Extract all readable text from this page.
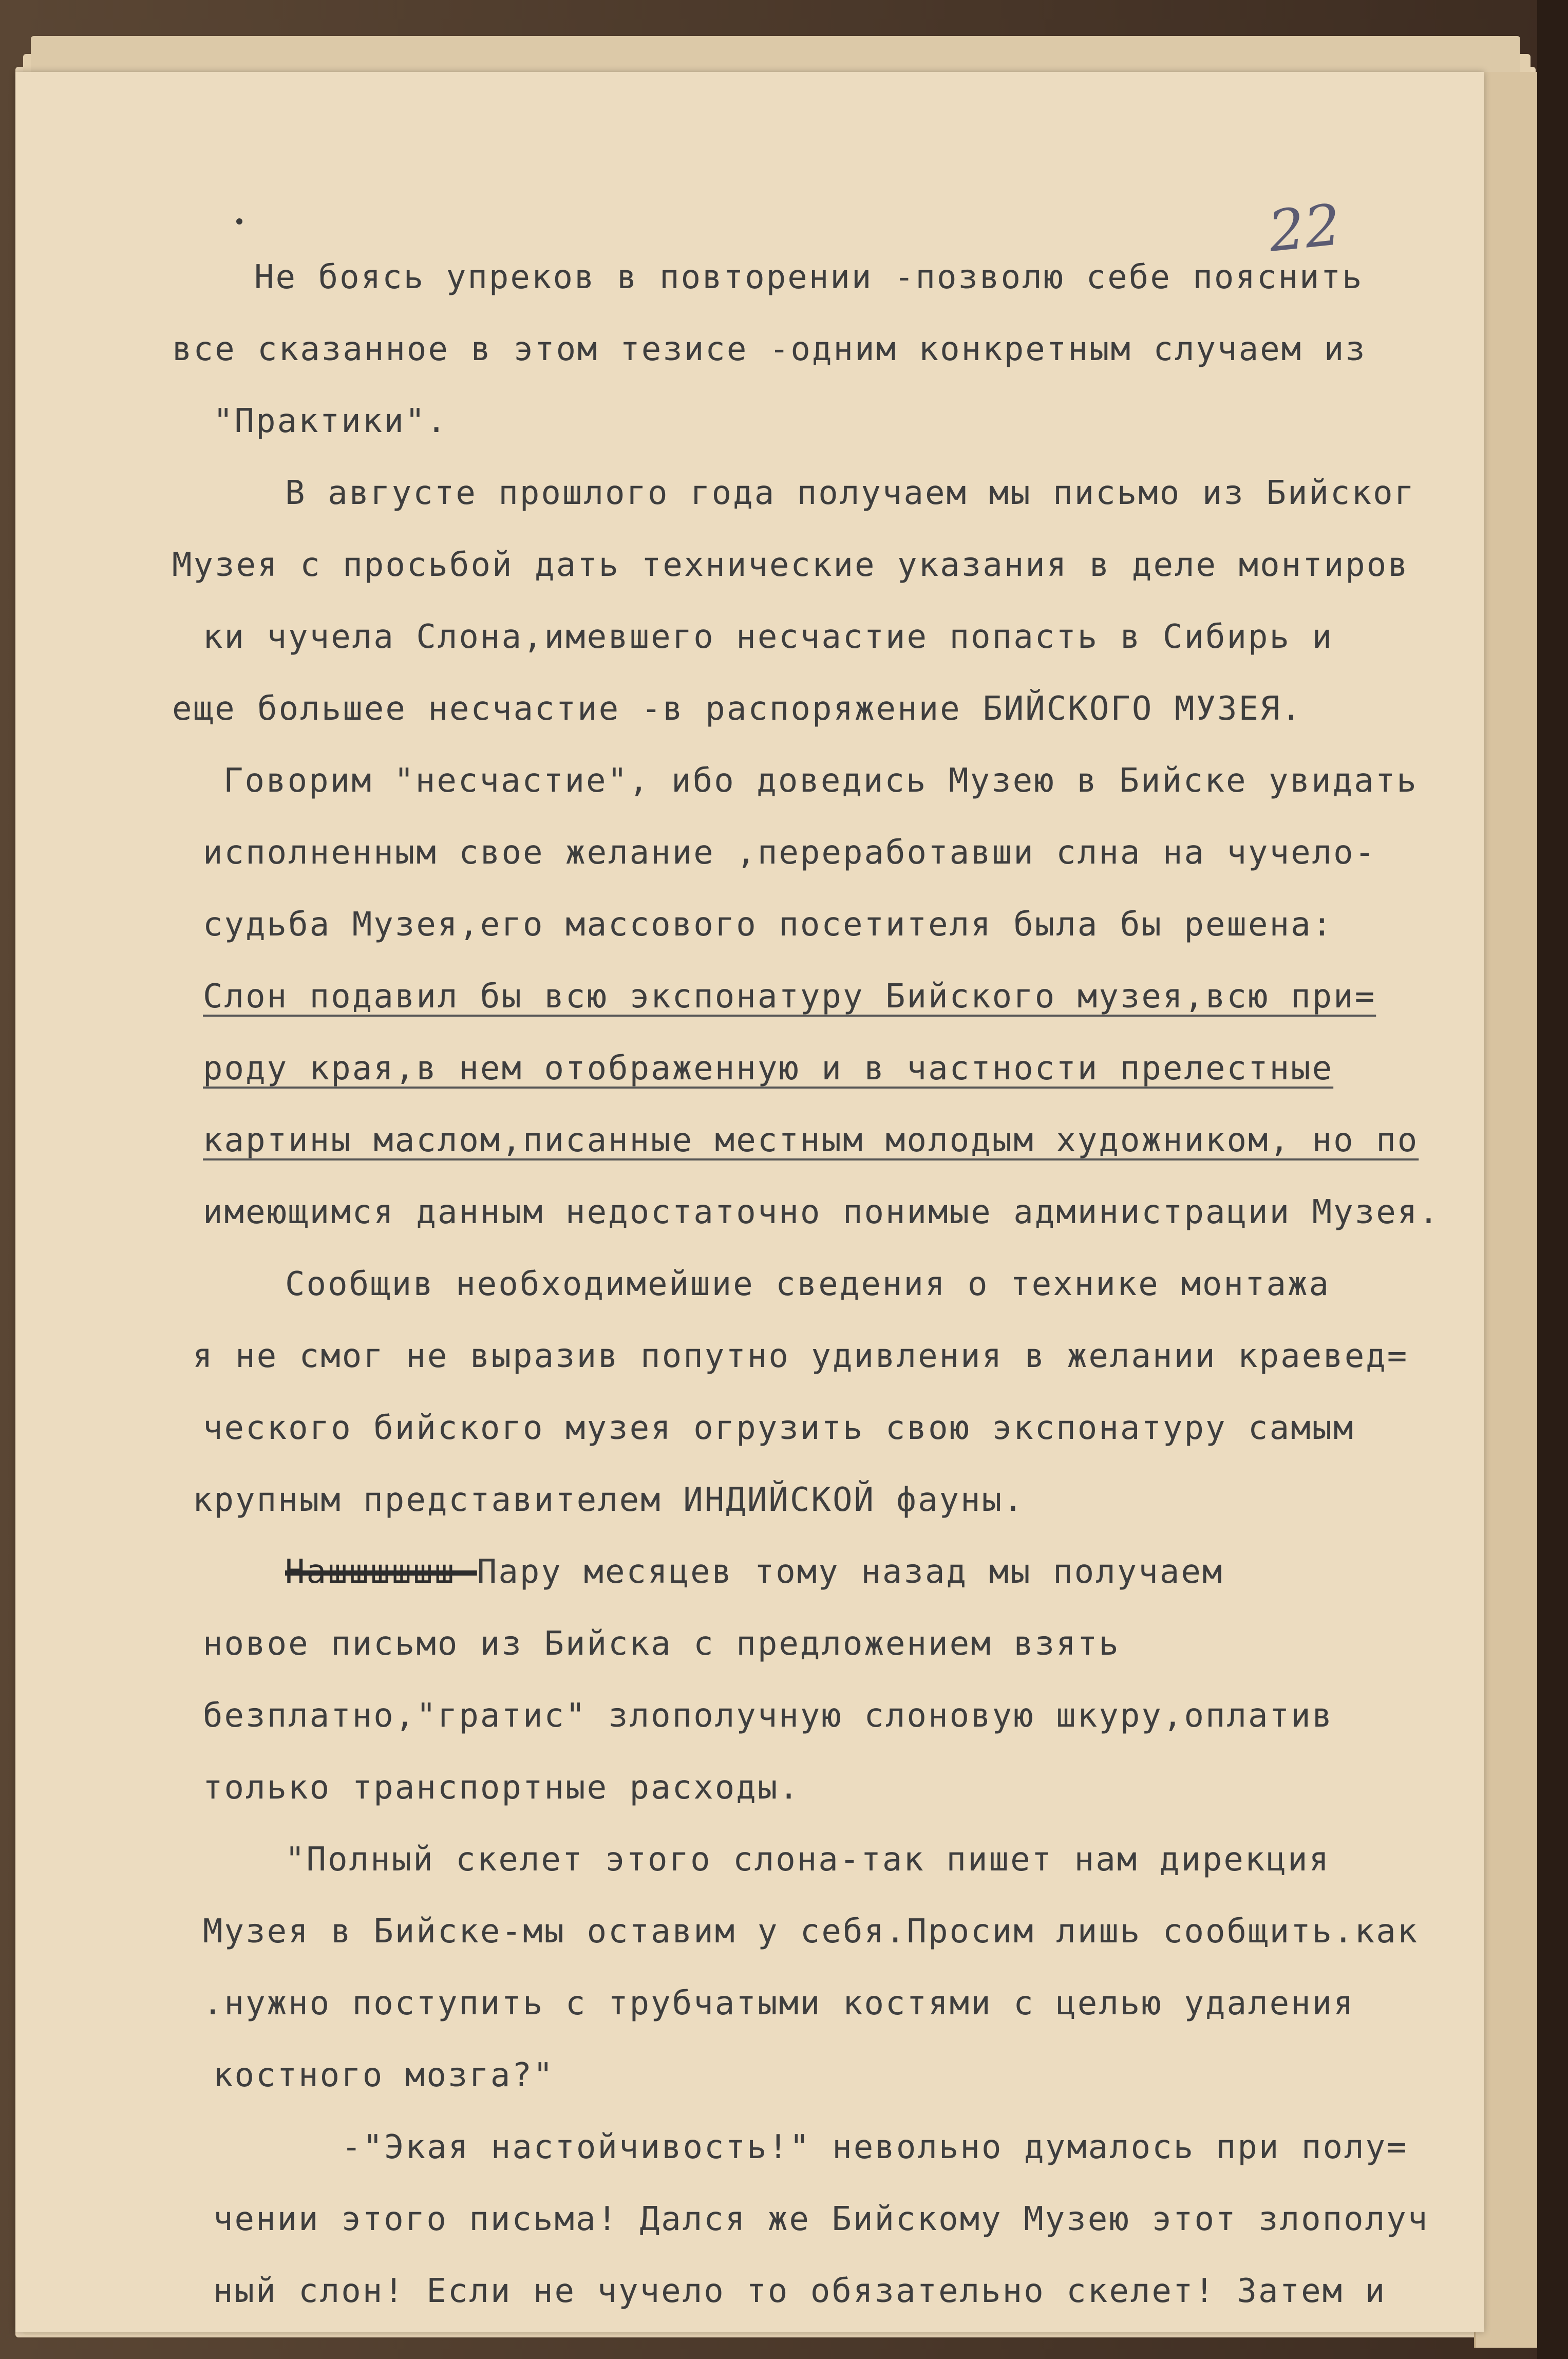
22
Не боясь упреков в повторении -позволю себе пояснить
все сказанное в этом тезисе -одним конкретным случаем из
"Практики".
В августе прошлого года получаем мы письмо из Бийског
Музея с просьбой дать технические указания в деле монтиров
ки чучела Слона,имевшего несчастие попасть в Сибирь и
еще большее несчастие -в распоряжение БИЙСКОГО МУЗЕЯ.
Говорим "несчастие", ибо доведись Музею в Бийске увидать
исполненным свое желание ,переработавши слна на чучело-
судьба Музея,его массового посетителя была бы решена:
Слон подавил бы всю экспонатуру Бийского музея,всю при=
роду края,в нем отображенную и в частности прелестные
картины маслом,писанные местным молодым художником, но по
имеющимся данным недостаточно понимые администрации Музея.
Сообщив необходимейшие сведения о технике монтажа
я не смог не выразив попутно удивления в желании краевед=
ческого бийского музея огрузить свою экспонатуру самым
крупным представителем ИНДИЙСКОЙ фауны.
Нашшшшшш Пару месяцев тому назад мы получаем
новое письмо из Бийска с предложением взять
безплатно,"гратис" злополучную слоновую шкуру,оплатив
только транспортные расходы.
"Полный скелет этого слона-так пишет нам дирекция
Музея в Бийске-мы оставим у себя.Просим лишь сообщить.как
.нужно поступить с трубчатыми костями с целью удаления
костного мозга?"
-"Экая настойчивость!" невольно думалось при полу=
чении этого письма! Дался же Бийскому Музею этот злополуч
ный слон! Если не чучело то обязательно скелет! Затем и
